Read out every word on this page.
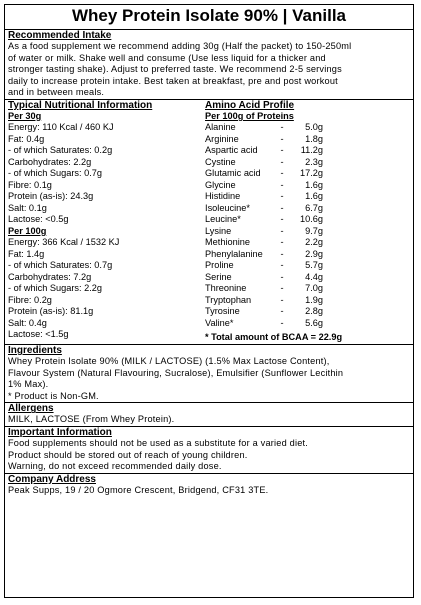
Whey Protein Isolate 90% | Vanilla
Recommended Intake
As a food supplement we recommend adding 30g (Half the packet) to 150-250ml
of water or milk. Shake well and consume (Use less liquid for a thicker and
stronger tasting shake). Adjust to preferred taste. We recommend 2-5 servings
daily to increase protein intake. Best taken at breakfast, pre and post workout
and in between meals.
Typical Nutritional Information
Per 30g
Energy: 110 Kcal / 460 KJ
Fat: 0.4g
- of which Saturates: 0.2g
Carbohydrates: 2.2g
- of which Sugars: 0.7g
Fibre: 0.1g
Protein (as-is): 24.3g
Salt: 0.1g
Lactose: <0.5g
Per 100g
Energy: 366 Kcal / 1532 KJ
Fat: 1.4g
- of which Saturates: 0.7g
Carbohydrates: 7.2g
- of which Sugars: 2.2g
Fibre: 0.2g
Protein (as-is): 81.1g
Salt: 0.4g
Lactose: <1.5g
Amino Acid Profile
Per 100g of Proteins
Alanine	-	5.0g
Arginine	-	1.8g
Aspartic acid	-	11.2g
Cystine	-	2.3g
Glutamic acid	-	17.2g
Glycine	-	1.6g
Histidine	-	1.6g
Isoleucine*	-	6.7g
Leucine*	-	10.6g
Lysine	-	9.7g
Methionine	-	2.2g
Phenylalanine	-	2.9g
Proline	-	5.7g
Serine	-	4.4g
Threonine	-	7.0g
Tryptophan	-	1.9g
Tyrosine	-	2.8g
Valine*	-	5.6g
* Total amount of BCAA = 22.9g
Ingredients
Whey Protein Isolate 90% (MILK / LACTOSE) (1.5% Max Lactose Content),
Flavour System (Natural Flavouring, Sucralose), Emulsifier (Sunflower Lecithin
1% Max).
* Product is Non-GM.
Allergens
MILK, LACTOSE (From Whey Protein).
Important Information
Food supplements should not be used as a substitute for a varied diet.
Product should be stored out of reach of young children.
Warning, do not exceed recommended daily dose.
Company Address
Peak Supps, 19 / 20 Ogmore Crescent, Bridgend, CF31 3TE.
